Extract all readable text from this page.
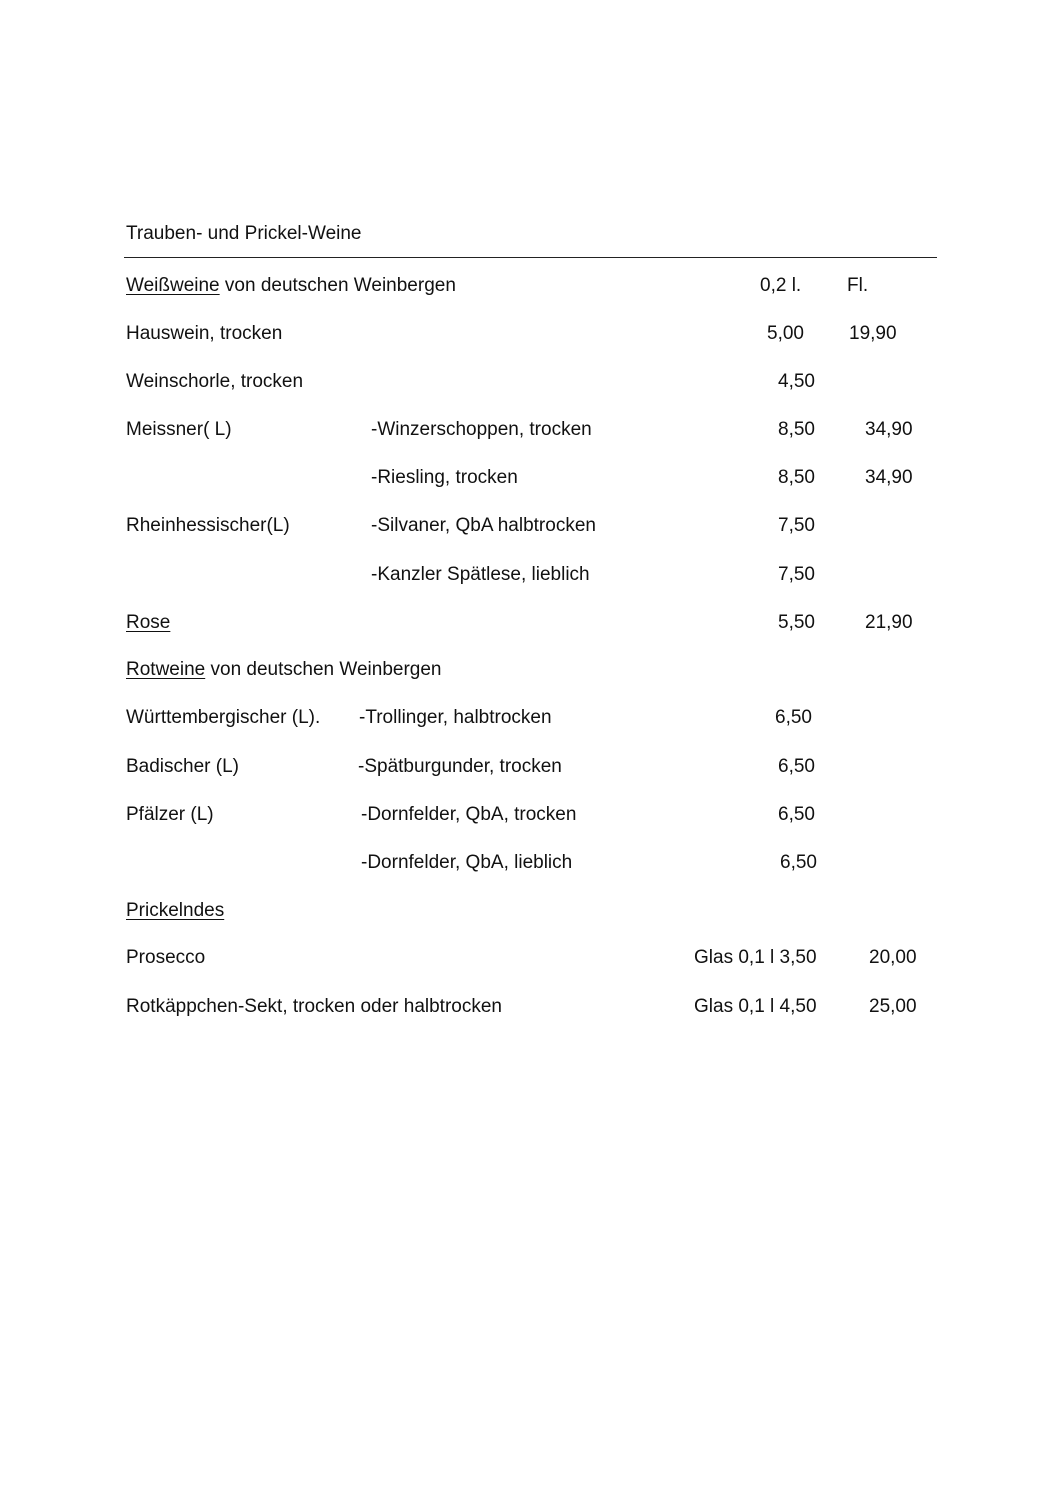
Trauben- und Prickel-Weine
Weißweine von deutschen Weinbergen	0,2 l. Fl.
Hauswein, trocken	5,00 19,90
Weinschorle, trocken	4,50
Meissner( L)	-Winzerschoppen, trocken	8,50	34,90
-Riesling, trocken	8,50	34,90
Rheinhessischer(L)	-Silvaner, QbA halbtrocken	7,50
-Kanzler Spätlese, lieblich	7,50
Rose	5,50	21,90
Rotweine von deutschen Weinbergen
Württembergischer (L). -Trollinger, halbtrocken	6,50
Badischer (L)	-Spätburgunder, trocken	6,50
Pfälzer (L)	-Dornfelder, QbA, trocken	6,50
-Dornfelder, QbA, lieblich	6,50
Prickelndes
Prosecco	Glas 0,1 l 3,50	20,00
Rotkäppchen-Sekt, trocken oder halbtrocken	Glas 0,1 l 4,50	25,00
